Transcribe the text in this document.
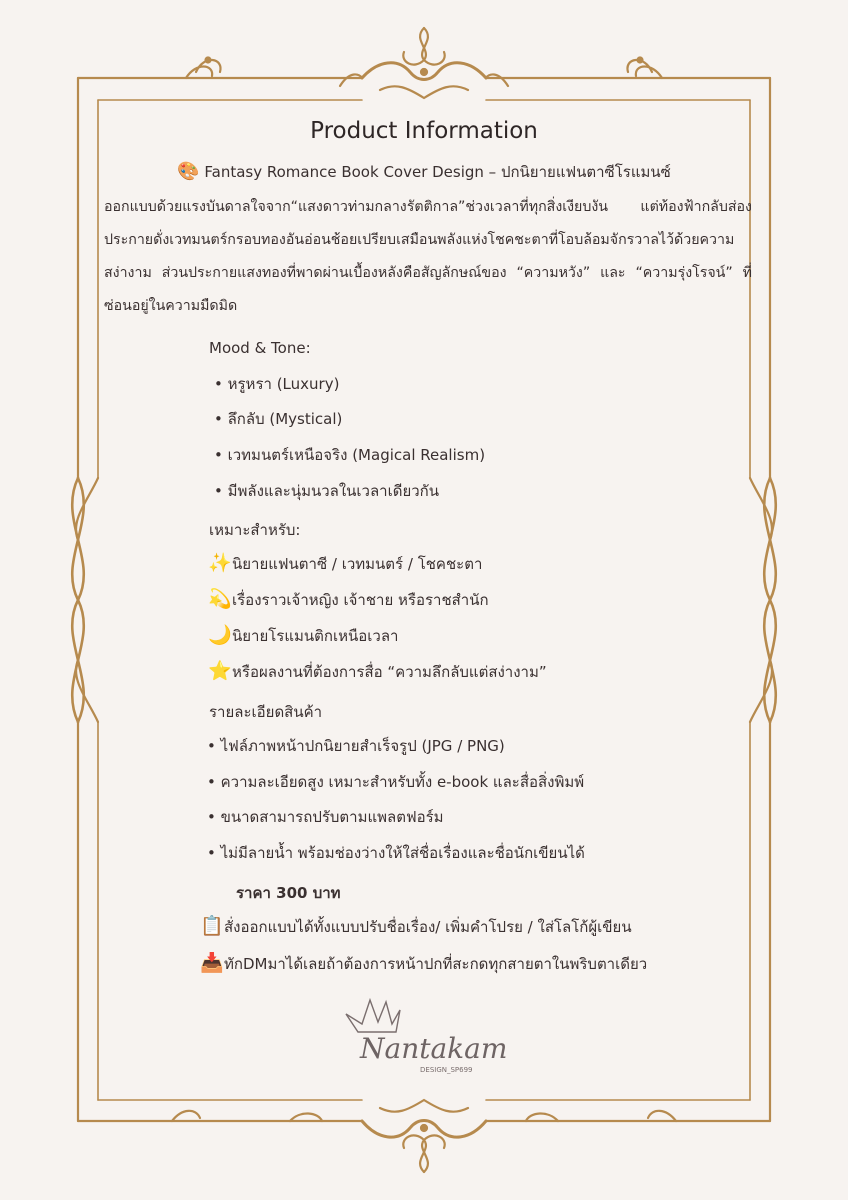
Product Information
🎨 Fantasy Romance Book Cover Design – ปกนิยายแฟนตาซีโรแมนซ์
ออกแบบด้วยแรงบันดาลใจจาก“แสงดาวท่ามกลางรัตติกาล”ช่วงเวลาที่ทุกสิ่งเงียบงัน แต่ท้องฟ้ากลับส่องประกายดั่งเวทมนตร์กรอบทองอันอ่อนช้อยเปรียบเสมือนพลังแห่งโชคชะตาที่โอบล้อมจักรวาลไว้ด้วยความสง่างาม ส่วนประกายแสงทองที่พาดผ่านเบื้องหลังคือสัญลักษณ์ของ “ความหวัง” และ “ความรุ่งโรจน์” ที่ซ่อนอยู่ในความมืดมิด
Mood & Tone:
• หรูหรา (Luxury)
• ลึกลับ (Mystical)
• เวทมนตร์เหนือจริง (Magical Realism)
• มีพลังและนุ่มนวลในเวลาเดียวกัน
เหมาะสำหรับ:
✨นิยายแฟนตาซี / เวทมนตร์ / โชคชะตา
💫เรื่องราวเจ้าหญิง เจ้าชาย หรือราชสำนัก
🌙นิยายโรแมนติกเหนือเวลา
⭐หรือผลงานที่ต้องการสื่อ “ความลึกลับแต่สง่างาม”
รายละเอียดสินค้า
• ไฟล์ภาพหน้าปกนิยายสำเร็จรูป (JPG / PNG)
• ความละเอียดสูง เหมาะสำหรับทั้ง e-book และสื่อสิ่งพิมพ์
• ขนาดสามารถปรับตามแพลตฟอร์ม
• ไม่มีลายน้ำ พร้อมช่องว่างให้ใส่ชื่อเรื่องและชื่อนักเขียนได้
ราคา 300 บาท
📋สั่งออกแบบได้ทั้งแบบปรับชื่อเรื่อง/ เพิ่มคำโปรย / ใส่โลโก้ผู้เขียน
📥ทักDMมาได้เลยถ้าต้องการหน้าปกที่สะกดทุกสายตาในพริบตาเดียว
Nantakam
DESIGN_SP699
